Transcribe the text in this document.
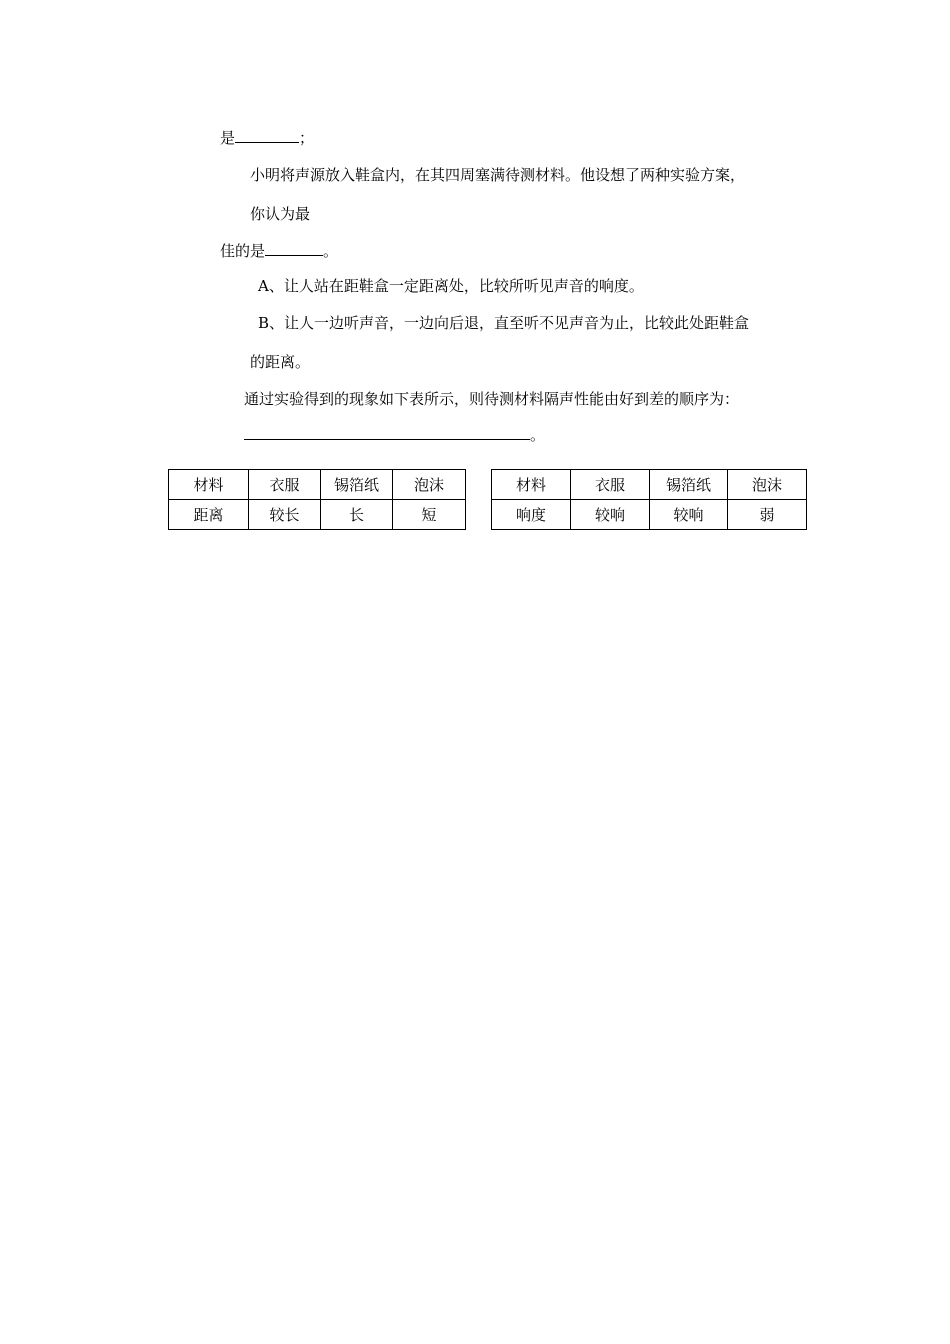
是	；
小明将声源放入鞋盒内，在其四周塞满待测材料。他设想了两种实验方案，
你认为最
佳的是	。
A、让人站在距鞋盒一定距离处，比较所听见声音的响度。
B、让人一边听声音，一边向后退，直至听不见声音为止，比较此处距鞋盒
的距离。
通过实验得到的现象如下表所示，则待测材料隔声性能由好到差的顺序为：
。
材料	衣服	锡箔纸	泡沫
距离	较长	长	短
材料	衣服	锡箔纸	泡沫
响度	较响	较响	弱
